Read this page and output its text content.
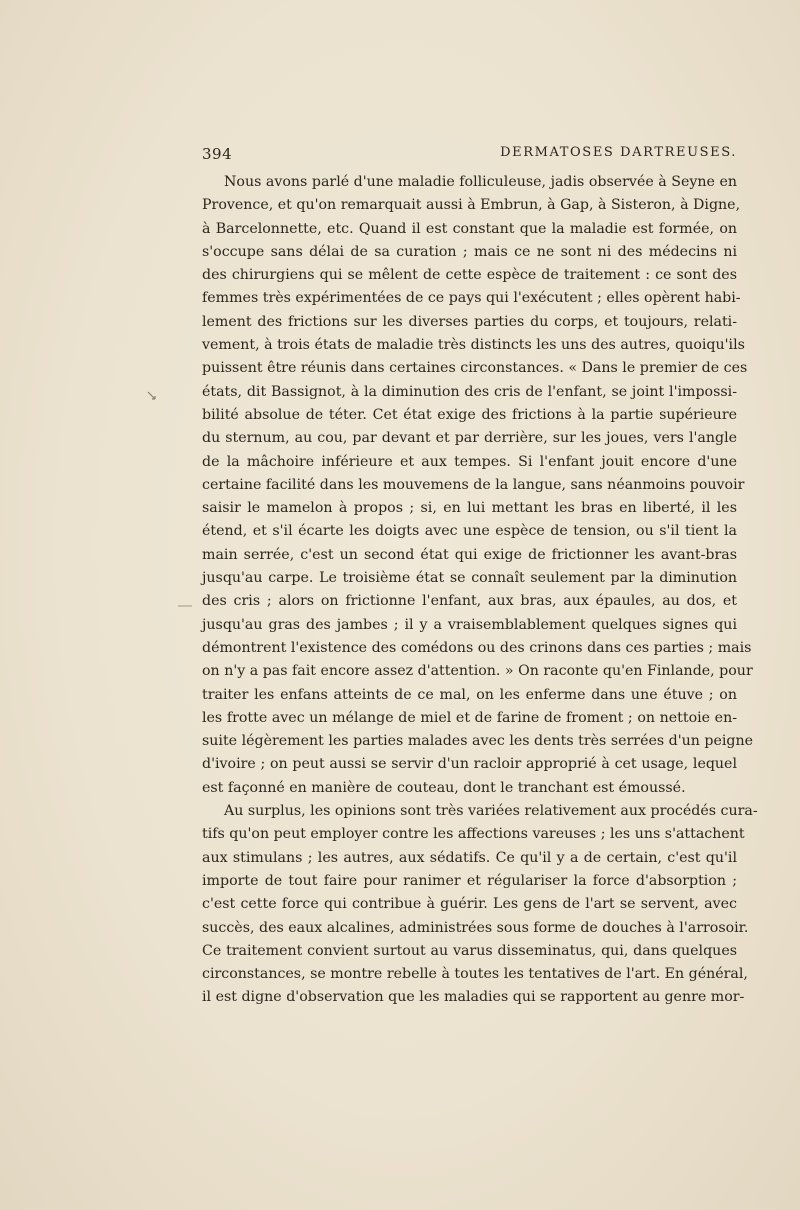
394	DERMATOSES DARTREUSES.
Nous avons parlé d'une maladie folliculeuse, jadis observée à Seyne en
Provence, et qu'on remarquait aussi à Embrun, à Gap, à Sisteron, à Digne,
à Barcelonnette, etc. Quand il est constant que la maladie est formée, on
s'occupe sans délai de sa curation ; mais ce ne sont ni des médecins ni
des chirurgiens qui se mêlent de cette espèce de traitement : ce sont des
femmes très expérimentées de ce pays qui l'exécutent ; elles opèrent habi-
lement des frictions sur les diverses parties du corps, et toujours, relati-
vement, à trois états de maladie très distincts les uns des autres, quoiqu'ils
puissent être réunis dans certaines circonstances. « Dans le premier de ces
états, dit Bassignot, à la diminution des cris de l'enfant, se joint l'impossi-
bilité absolue de téter. Cet état exige des frictions à la partie supérieure
du sternum, au cou, par devant et par derrière, sur les joues, vers l'angle
de la mâchoire inférieure et aux tempes. Si l'enfant jouit encore d'une
certaine facilité dans les mouvemens de la langue, sans néanmoins pouvoir
saisir le mamelon à propos ; si, en lui mettant les bras en liberté, il les
étend, et s'il écarte les doigts avec une espèce de tension, ou s'il tient la
main serrée, c'est un second état qui exige de frictionner les avant-bras
jusqu'au carpe. Le troisième état se connaît seulement par la diminution
des cris ; alors on frictionne l'enfant, aux bras, aux épaules, au dos, et
jusqu'au gras des jambes ; il y a vraisemblablement quelques signes qui
démontrent l'existence des comédons ou des crinons dans ces parties ; mais
on n'y a pas fait encore assez d'attention. » On raconte qu'en Finlande, pour
traiter les enfans atteints de ce mal, on les enferme dans une étuve ; on
les frotte avec un mélange de miel et de farine de froment ; on nettoie en-
suite légèrement les parties malades avec les dents très serrées d'un peigne
d'ivoire ; on peut aussi se servir d'un racloir approprié à cet usage, lequel
est façonné en manière de couteau, dont le tranchant est émoussé.
Au surplus, les opinions sont très variées relativement aux procédés cura-
tifs qu'on peut employer contre les affections vareuses ; les uns s'attachent
aux stimulans ; les autres, aux sédatifs. Ce qu'il y a de certain, c'est qu'il
importe de tout faire pour ranimer et régulariser la force d'absorption ;
c'est cette force qui contribue à guérir. Les gens de l'art se servent, avec
succès, des eaux alcalines, administrées sous forme de douches à l'arrosoir.
Ce traitement convient surtout au varus disseminatus, qui, dans quelques
circonstances, se montre rebelle à toutes les tentatives de l'art. En général,
il est digne d'observation que les maladies qui se rapportent au genre mor-
